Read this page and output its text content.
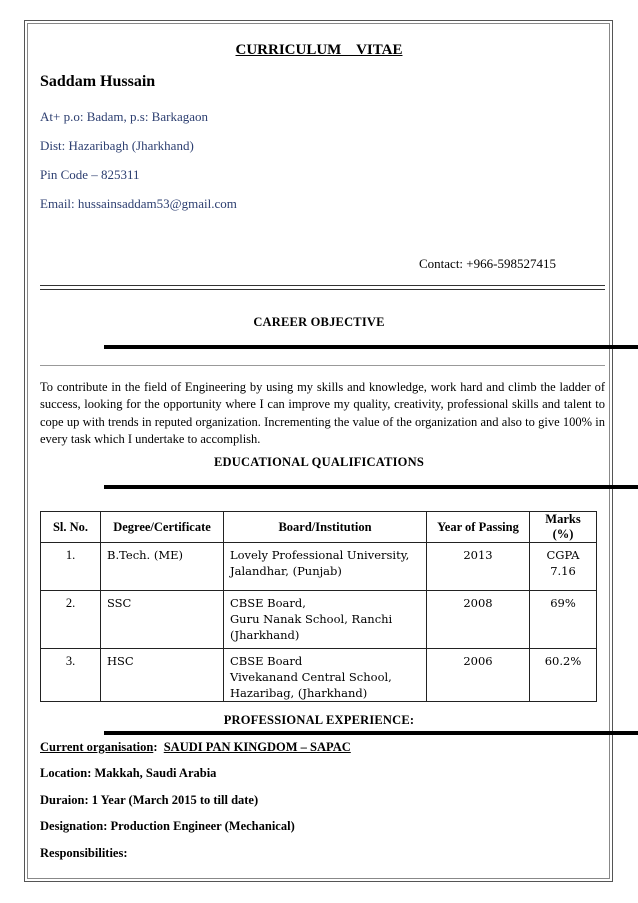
CURRICULUM    VITAE
Saddam Hussain
At+ p.o: Badam, p.s: Barkagaon
Dist: Hazaribagh (Jharkhand)
Pin Code – 825311
Email: hussainsaddam53@gmail.com
Contact: +966-598527415
CAREER OBJECTIVE
To contribute in the field of Engineering by using my skills and knowledge, work hard and climb the ladder of success, looking for the opportunity where I can improve my quality, creativity, professional skills and talent to cope up with trends in reputed organization. Incrementing the value of the organization and also to give 100% in every task which I undertake to accomplish.
EDUCATIONAL QUALIFICATIONS
Sl. No.	Degree/Certificate	Board/Institution	Year of Passing	Marks (%)
1.	B.Tech. (ME)	Lovely Professional University,
Jalandhar, (Punjab)	2013	CGPA 7.16
2.	SSC	CBSE Board,
Guru Nanak School, Ranchi
(Jharkhand)	2008	69%
3.	HSC	CBSE Board
Vivekanand Central School,
Hazaribag, (Jharkhand)	2006	60.2%
PROFESSIONAL EXPERIENCE:
Current organisation: SAUDI PAN KINGDOM – SAPAC
Location: Makkah, Saudi Arabia
Duraion: 1 Year (March 2015 to till date)
Designation: Production Engineer (Mechanical)
Responsibilities:
